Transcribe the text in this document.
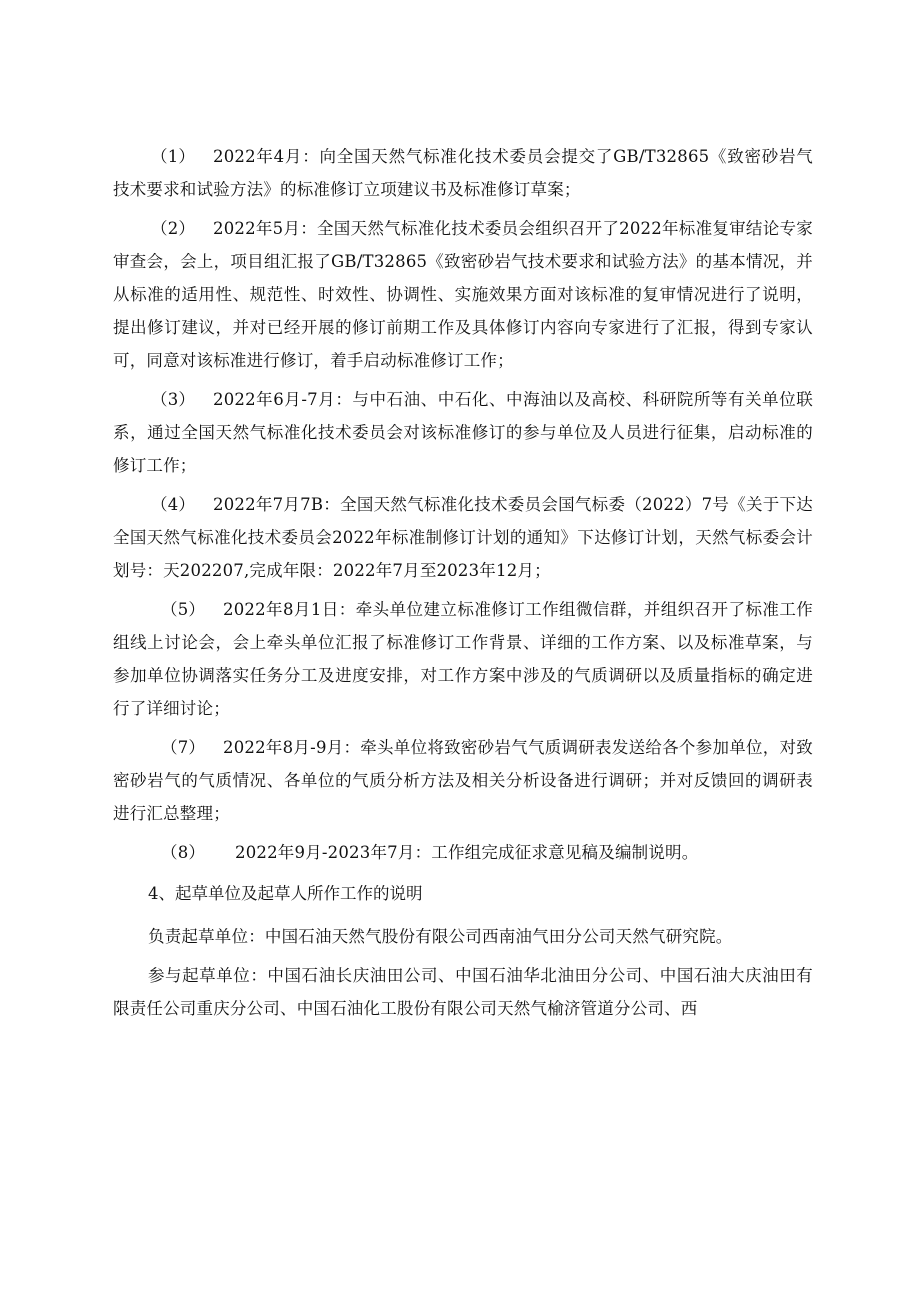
（1） 2022年4月：向全国天然气标准化技术委员会提交了GB/T32865《致密砂岩气技术要求和试验方法》的标准修订立项建议书及标准修订草案；

（2） 2022年5月：全国天然气标准化技术委员会组织召开了2022年标准复审结论专家审查会，会上，项目组汇报了GB/T32865《致密砂岩气技术要求和试验方法》的基本情况，并从标准的适用性、规范性、时效性、协调性、实施效果方面对该标准的复审情况进行了说明，提出修订建议，并对已经开展的修订前期工作及具体修订内容向专家进行了汇报，得到专家认可，同意对该标准进行修订，着手启动标准修订工作；

（3） 2022年6月-7月：与中石油、中石化、中海油以及高校、科研院所等有关单位联系，通过全国天然气标准化技术委员会对该标准修订的参与单位及人员进行征集，启动标准的修订工作；

（4） 2022年7月7B：全国天然气标准化技术委员会国气标委（2022）7号《关于下达全国天然气标准化技术委员会2022年标准制修订计划的通知》下达修订计划，天然气标委会计划号：天202207,完成年限：2022年7月至2023年12月；

（5） 2022年8月1日：牵头单位建立标准修订工作组微信群，并组织召开了标准工作组线上讨论会，会上牵头单位汇报了标准修订工作背景、详细的工作方案、以及标准草案，与参加单位协调落实任务分工及进度安排，对工作方案中涉及的气质调研以及质量指标的确定进行了详细讨论；

（7） 2022年8月-9月：牵头单位将致密砂岩气气质调研表发送给各个参加单位，对致密砂岩气的气质情况、各单位的气质分析方法及相关分析设备进行调研；并对反馈回的调研表进行汇总整理；

（8） 2022年9月-2023年7月：工作组完成征求意见稿及编制说明。

4、起草单位及起草人所作工作的说明

负责起草单位：中国石油天然气股份有限公司西南油气田分公司天然气研究院。

参与起草单位：中国石油长庆油田公司、中国石油华北油田分公司、中国石油大庆油田有限责任公司重庆分公司、中国石油化工股份有限公司天然气榆济管道分公司、西
